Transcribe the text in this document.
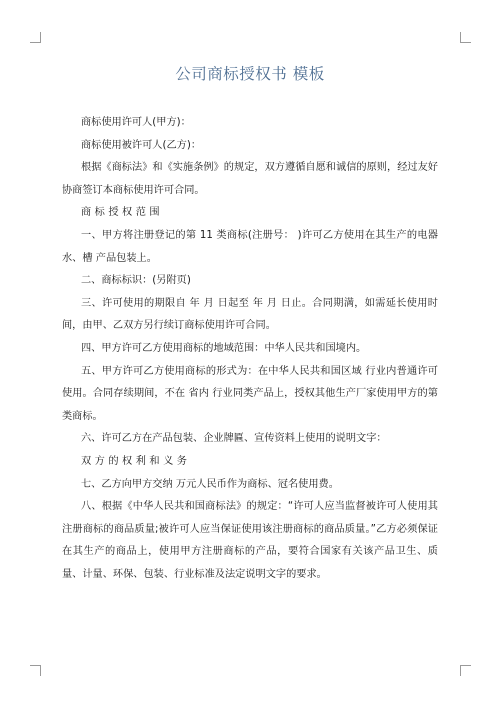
公司商标授权书 模板

商标使用许可人(甲方)：

商标使用被许可人(乙方)：

根据《商标法》和《实施条例》的规定，双方遵循自愿和诚信的原则，经过友好协商签订本商标使用许可合同。

商标授权范围

一、甲方将注册登记的第 11 类商标(注册号： )许可乙方使用在其生产的电器水、槽 产品包装上。

二、商标标识：(另附页)

三、许可使用的期限自 年 月 日起至 年 月 日止。合同期满，如需延长使用时间，由甲、乙双方另行续订商标使用许可合同。

四、甲方许可乙方使用商标的地域范围：中华人民共和国境内。

五、甲方许可乙方使用商标的形式为：在中华人民共和国区域 行业内普通许可使用。合同存续期间，不在 省内 行业同类产品上，授权其他生产厂家使用甲方的第 类商标。

六、许可乙方在产品包装、企业牌匾、宣传资料上使用的说明文字：

双方的权利和义务

七、乙方向甲方交纳 万元人民币作为商标、冠名使用费。

八、根据《中华人民共和国商标法》的规定：“许可人应当监督被许可人使用其注册商标的商品质量;被许可人应当保证使用该注册商标的商品质量。”乙方必须保证在其生产的商品上，使用甲方注册商标的产品，要符合国家有关该产品卫生、质量、计量、环保、包装、行业标准及法定说明文字的要求。
